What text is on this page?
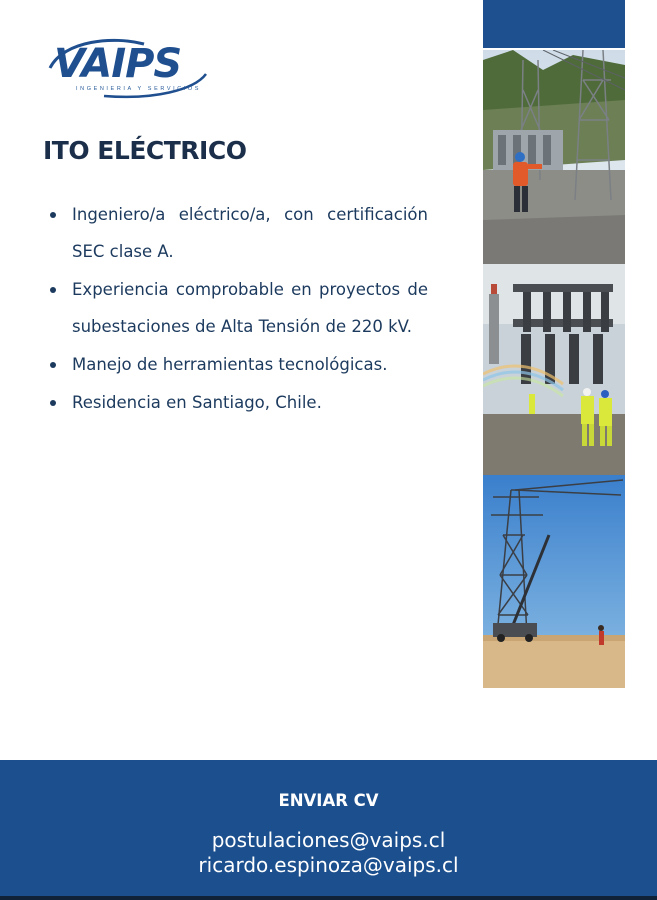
VAIPS
INGENIERIA Y SERVICIOS
ITO ELÉCTRICO
Ingeniero/a eléctrico/a, con certificación SEC clase A.
Experiencia comprobable en proyectos de subestaciones de Alta Tensión de 220 kV.
Manejo de herramientas tecnológicas.
Residencia en Santiago, Chile.
ENVIAR CV
postulaciones@vaips.cl
ricardo.espinoza@vaips.cl
